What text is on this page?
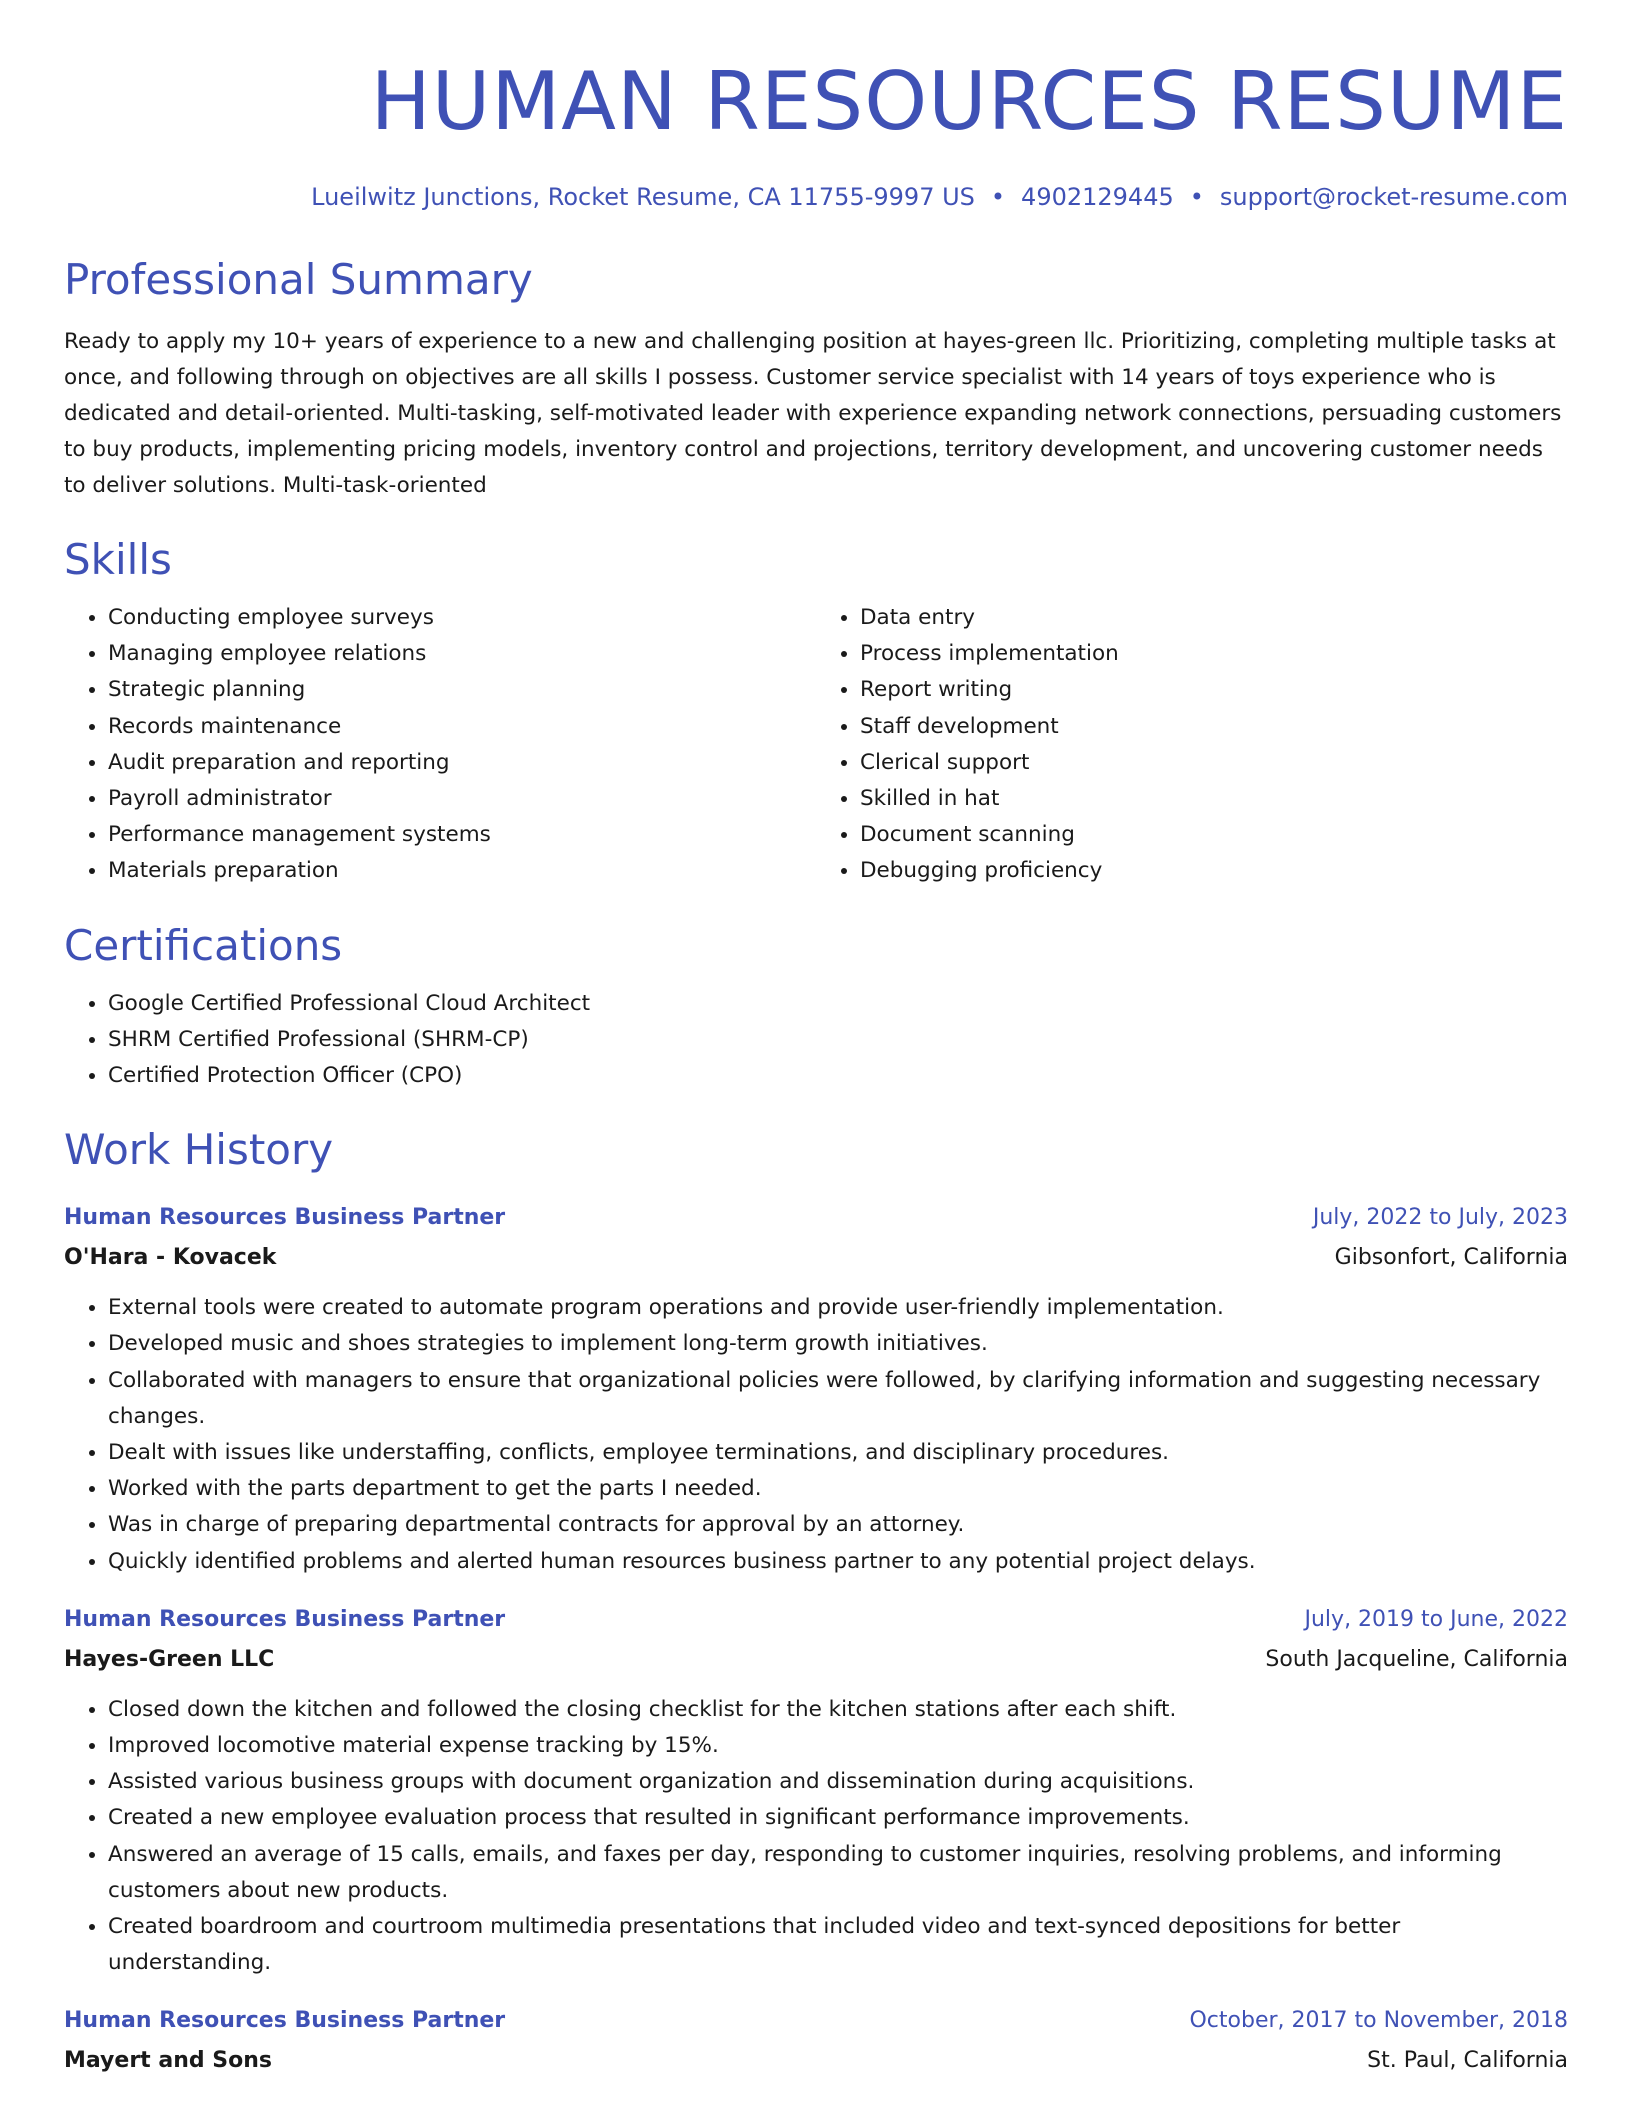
HUMAN RESOURCES RESUME
Lueilwitz Junctions, Rocket Resume, CA 11755-9997 US • 4902129445 • support@rocket-resume.com
Professional Summary
Ready to apply my 10+ years of experience to a new and challenging position at hayes-green llc. Prioritizing, completing multiple tasks at once, and following through on objectives are all skills I possess. Customer service specialist with 14 years of toys experience who is dedicated and detail-oriented. Multi-tasking, self-motivated leader with experience expanding network connections, persuading customers to buy products, implementing pricing models, inventory control and projections, territory development, and uncovering customer needs to deliver solutions. Multi-task-oriented
Skills
• Conducting employee surveys
• Managing employee relations
• Strategic planning
• Records maintenance
• Audit preparation and reporting
• Payroll administrator
• Performance management systems
• Materials preparation
• Data entry
• Process implementation
• Report writing
• Staff development
• Clerical support
• Skilled in hat
• Document scanning
• Debugging proficiency
Certifications
• Google Certified Professional Cloud Architect
• SHRM Certified Professional (SHRM-CP)
• Certified Protection Officer (CPO)
Work History
Human Resources Business Partner	July, 2022 to July, 2023
O'Hara - Kovacek	Gibsonfort, California
• External tools were created to automate program operations and provide user-friendly implementation.
• Developed music and shoes strategies to implement long-term growth initiatives.
• Collaborated with managers to ensure that organizational policies were followed, by clarifying information and suggesting necessary changes.
• Dealt with issues like understaffing, conflicts, employee terminations, and disciplinary procedures.
• Worked with the parts department to get the parts I needed.
• Was in charge of preparing departmental contracts for approval by an attorney.
• Quickly identified problems and alerted human resources business partner to any potential project delays.
Human Resources Business Partner	July, 2019 to June, 2022
Hayes-Green LLC	South Jacqueline, California
• Closed down the kitchen and followed the closing checklist for the kitchen stations after each shift.
• Improved locomotive material expense tracking by 15%.
• Assisted various business groups with document organization and dissemination during acquisitions.
• Created a new employee evaluation process that resulted in significant performance improvements.
• Answered an average of 15 calls, emails, and faxes per day, responding to customer inquiries, resolving problems, and informing customers about new products.
• Created boardroom and courtroom multimedia presentations that included video and text-synced depositions for better understanding.
Human Resources Business Partner	October, 2017 to November, 2018
Mayert and Sons	St. Paul, California
